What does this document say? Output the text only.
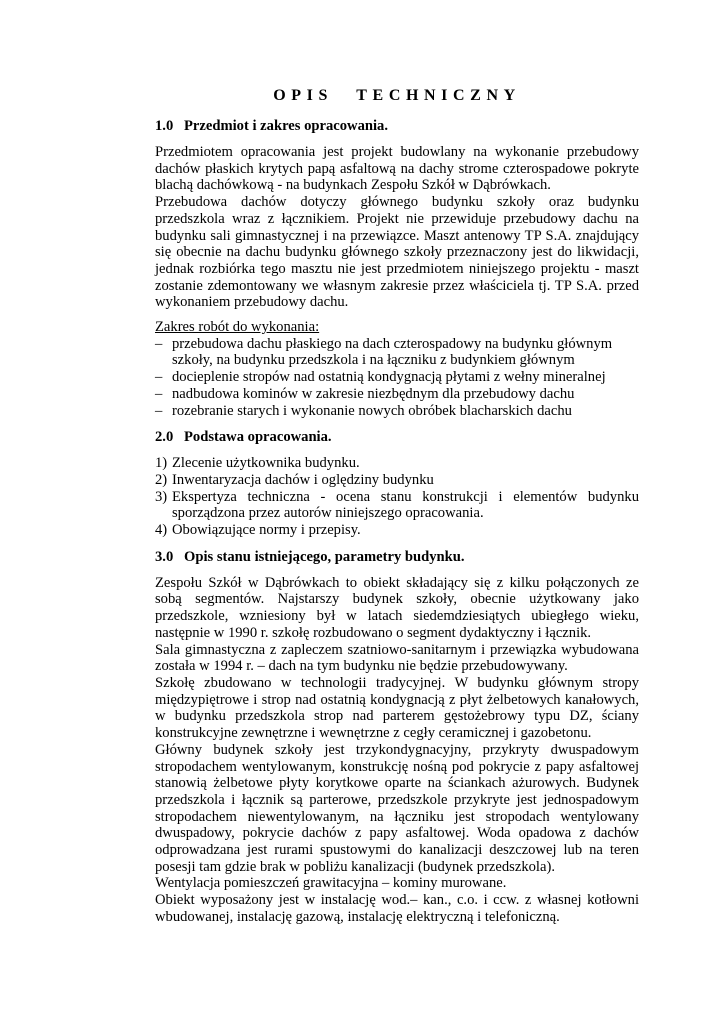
OPIS TECHNICZNY
1.0 Przedmiot i zakres opracowania.

Przedmiotem opracowania jest projekt budowlany na wykonanie przebudowy dachów płaskich krytych papą asfaltową na dachy strome czterospadowe pokryte blachą dachówkową - na budynkach Zespołu Szkół w Dąbrówkach.

Przebudowa dachów dotyczy głównego budynku szkoły oraz budynku przedszkola wraz z łącznikiem. Projekt nie przewiduje przebudowy dachu na budynku sali gimnastycznej i na przewiązce. Maszt antenowy TP S.A. znajdujący się obecnie na dachu budynku głównego szkoły przeznaczony jest do likwidacji, jednak rozbiórka tego masztu nie jest przedmiotem niniejszego projektu - maszt zostanie zdemontowany we własnym zakresie przez właściciela tj. TP S.A. przed wykonaniem przebudowy dachu.

Zakres robót do wykonania:

– przebudowa dachu płaskiego na dach czterospadowy na budynku głównym szkoły, na budynku przedszkola i na łączniku z budynkiem głównym
– docieplenie stropów nad ostatnią kondygnacją płytami z wełny mineralnej
– nadbudowa kominów w zakresie niezbędnym dla przebudowy dachu
– rozebranie starych i wykonanie nowych obróbek blacharskich dachu
2.0 Podstawa opracowania.
1) Zlecenie użytkownika budynku.
2) Inwentaryzacja dachów i oględziny budynku
3) Ekspertyza techniczna - ocena stanu konstrukcji i elementów budynku sporządzona przez autorów niniejszego opracowania.
4) Obowiązujące normy i przepisy.
3.0 Opis stanu istniejącego, parametry budynku.

Zespołu Szkół w Dąbrówkach to obiekt składający się z kilku połączonych ze sobą segmentów. Najstarszy budynek szkoły, obecnie użytkowany jako przedszkole, wzniesiony był w latach siedemdziesiątych ubiegłego wieku, następnie w 1990 r. szkołę rozbudowano o segment dydaktyczny i łącznik.

Sala gimnastyczna z zapleczem szatniowo-sanitarnym i przewiązka wybudowana została w 1994 r. – dach na tym budynku nie będzie przebudowywany.

Szkołę zbudowano w technologii tradycyjnej. W budynku głównym stropy międzypiętrowe i strop nad ostatnią kondygnacją z płyt żelbetowych kanałowych, w budynku przedszkola strop nad parterem gęstożebrowy typu DZ, ściany konstrukcyjne zewnętrzne i wewnętrzne z cegły ceramicznej i gazobetonu.

Główny budynek szkoły jest trzykondygnacyjny, przykryty dwuspadowym stropodachem wentylowanym, konstrukcję nośną pod pokrycie z papy asfaltowej stanowią żelbetowe płyty korytkowe oparte na ściankach ażurowych. Budynek przedszkola i łącznik są parterowe, przedszkole przykryte jest jednospadowym stropodachem niewentylowanym, na łączniku jest stropodach wentylowany dwuspadowy, pokrycie dachów z papy asfaltowej. Woda opadowa z dachów odprowadzana jest rurami spustowymi do kanalizacji deszczowej lub na teren posesji tam gdzie brak w pobliżu kanalizacji (budynek przedszkola).

Wentylacja pomieszczeń grawitacyjna – kominy murowane.

Obiekt wyposażony jest w instalację wod.– kan., c.o. i ccw. z własnej kotłowni wbudowanej, instalację gazową, instalację elektryczną i telefoniczną.
